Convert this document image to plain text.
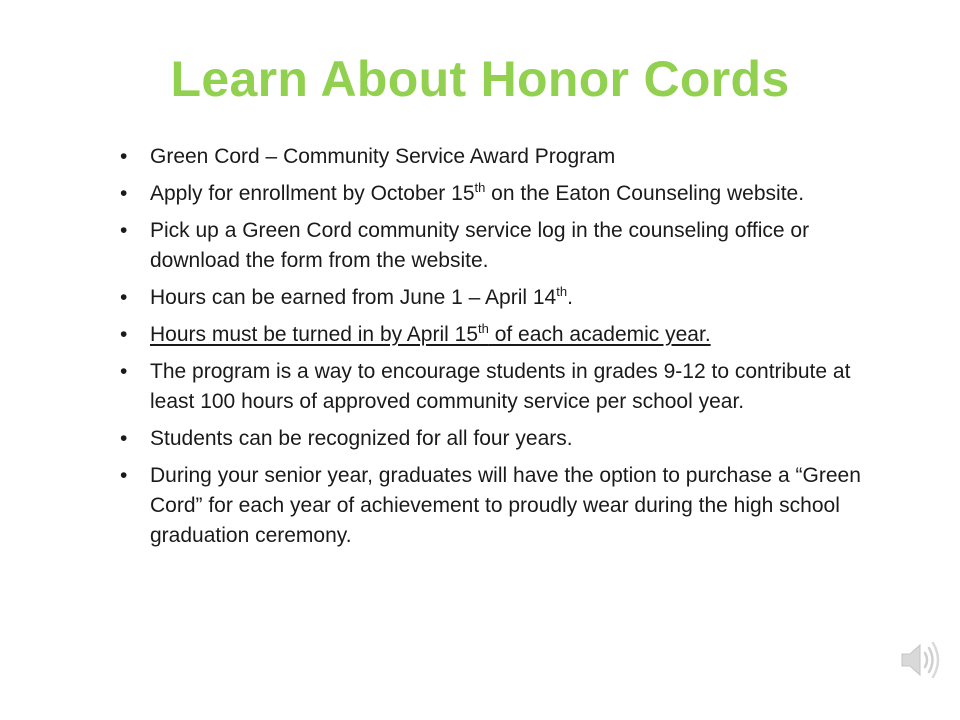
Learn About Honor Cords
•	Green Cord – Community Service Award Program
•	Apply for enrollment by October 15th on the Eaton Counseling website.
•	Pick up a Green Cord community service log in the counseling office or download the form from the website.
•	Hours can be earned from June 1 – April 14th.
•	Hours must be turned in by April 15th of each academic year.
•	The program is a way to encourage students in grades 9-12 to contribute at least 100 hours of approved community service per school year.
•	Students can be recognized for all four years.
•	During your senior year, graduates will have the option to purchase a “Green Cord” for each year of achievement to proudly wear during the high school graduation ceremony.
